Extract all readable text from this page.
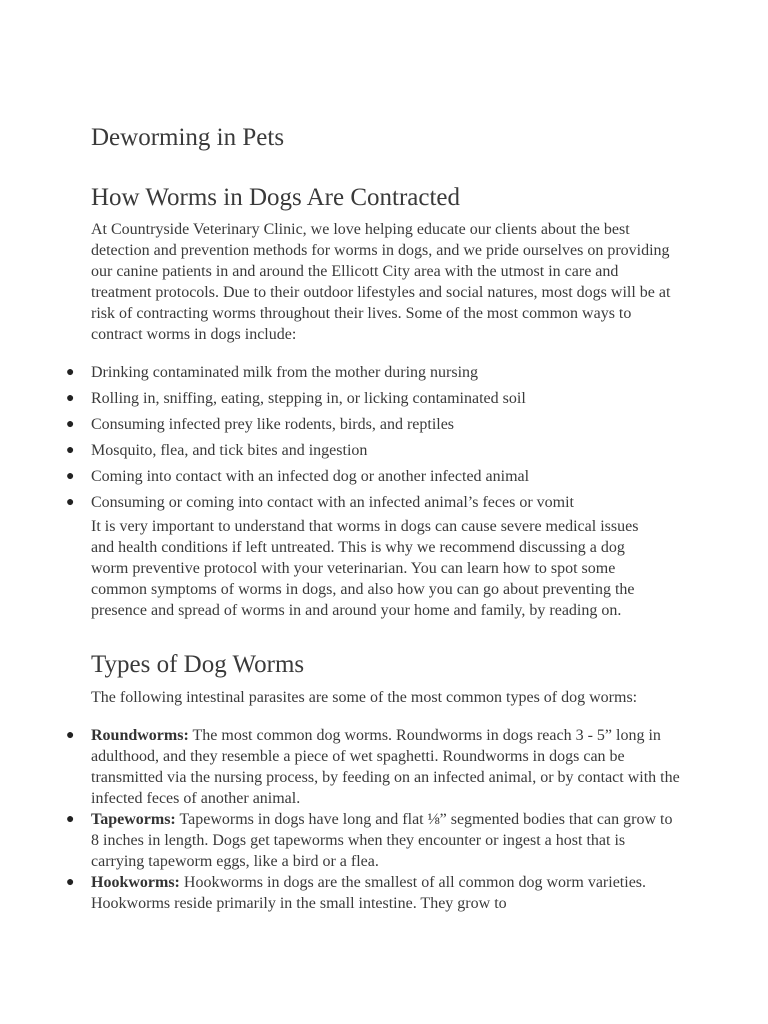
Deworming in Pets
How Worms in Dogs Are Contracted

At Countryside Veterinary Clinic, we love helping educate our clients about the best detection and prevention methods for worms in dogs, and we pride ourselves on providing our canine patients in and around the Ellicott City area with the utmost in care and treatment protocols. Due to their outdoor lifestyles and social natures, most dogs will be at risk of contracting worms throughout their lives. Some of the most common ways to contract worms in dogs include:

● Drinking contaminated milk from the mother during nursing
● Rolling in, sniffing, eating, stepping in, or licking contaminated soil
● Consuming infected prey like rodents, birds, and reptiles
● Mosquito, flea, and tick bites and ingestion
● Coming into contact with an infected dog or another infected animal
● Consuming or coming into contact with an infected animal’s feces or vomit

It is very important to understand that worms in dogs can cause severe medical issues and health conditions if left untreated. This is why we recommend discussing a dog worm preventive protocol with your veterinarian. You can learn how to spot some common symptoms of worms in dogs, and also how you can go about preventing the presence and spread of worms in and around your home and family, by reading on.

Types of Dog Worms

The following intestinal parasites are some of the most common types of dog worms:

● Roundworms: The most common dog worms. Roundworms in dogs reach 3 - 5” long in adulthood, and they resemble a piece of wet spaghetti. Roundworms in dogs can be transmitted via the nursing process, by feeding on an infected animal, or by contact with the infected feces of another animal.
● Tapeworms: Tapeworms in dogs have long and flat ⅛” segmented bodies that can grow to 8 inches in length. Dogs get tapeworms when they encounter or ingest a host that is carrying tapeworm eggs, like a bird or a flea.
● Hookworms: Hookworms in dogs are the smallest of all common dog worm varieties. Hookworms reside primarily in the small intestine. They grow to
